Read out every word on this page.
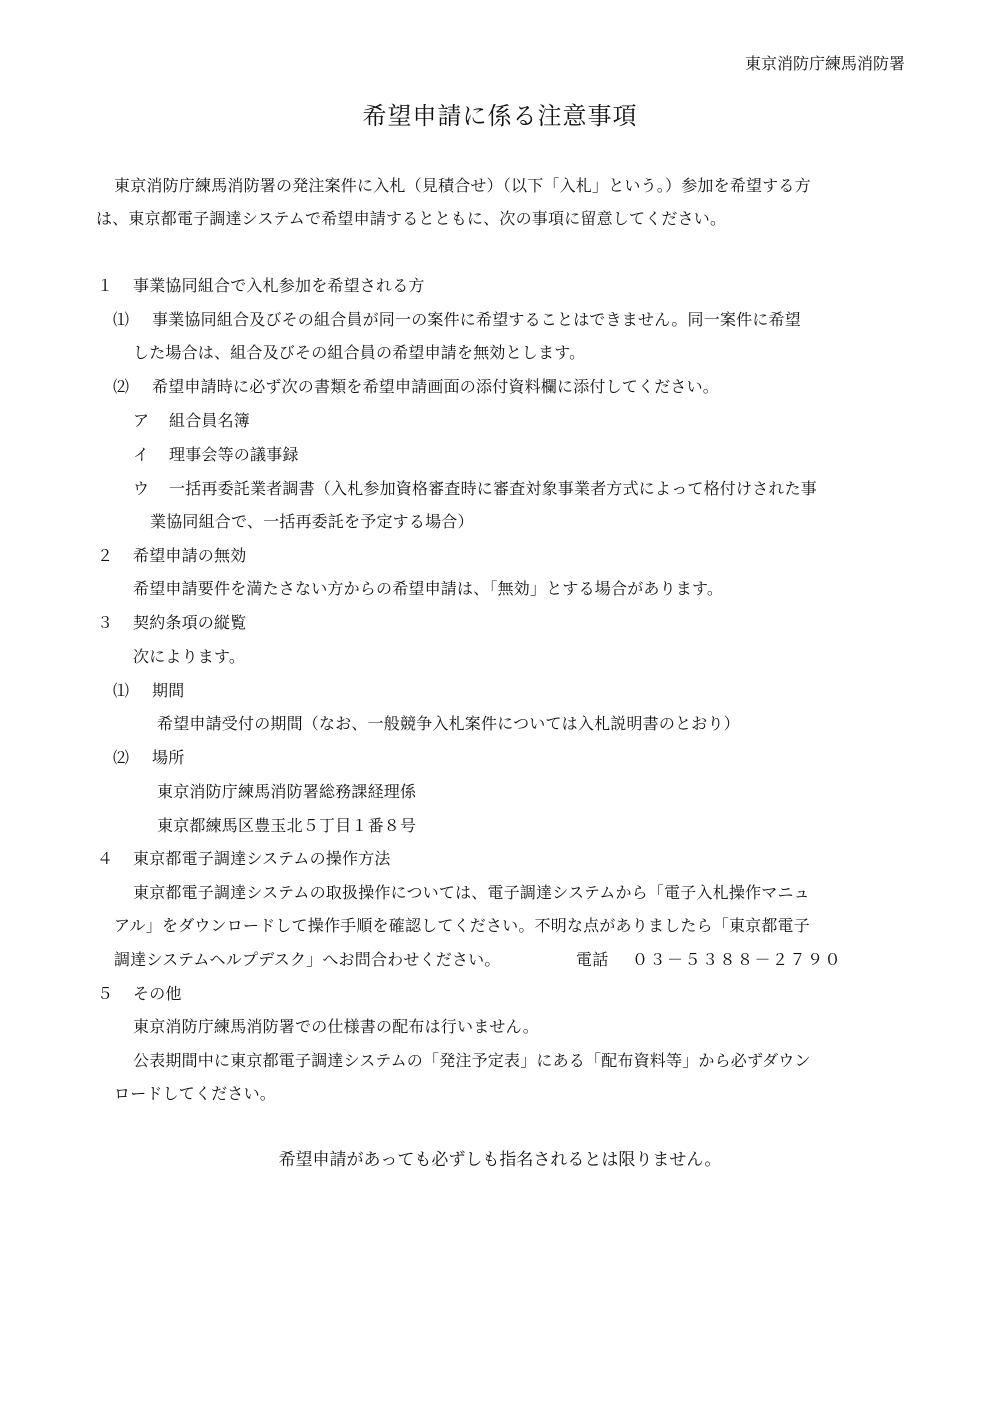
東京消防庁練馬消防署
希望申請に係る注意事項
東京消防庁練馬消防署の発注案件に入札（見積合せ）（以下「入札」という。）参加を希望する方
は、東京都電子調達システムで希望申請するとともに、次の事項に留意してください。
１ 事業協同組合で入札参加を希望される方
⑴ 事業協同組合及びその組合員が同一の案件に希望することはできません。同一案件に希望
した場合は、組合及びその組合員の希望申請を無効とします。
⑵ 希望申請時に必ず次の書類を希望申請画面の添付資料欄に添付してください。
ア 組合員名簿
イ 理事会等の議事録
ウ 一括再委託業者調書（入札参加資格審査時に審査対象事業者方式によって格付けされた事
業協同組合で、一括再委託を予定する場合）
２ 希望申請の無効
希望申請要件を満たさない方からの希望申請は、「無効」とする場合があります。
３ 契約条項の縦覧
次によります。
⑴ 期間
希望申請受付の期間（なお、一般競争入札案件については入札説明書のとおり）
⑵ 場所
東京消防庁練馬消防署総務課経理係
東京都練馬区豊玉北５丁目１番８号
４ 東京都電子調達システムの操作方法
東京都電子調達システムの取扱操作については、電子調達システムから「電子入札操作マニュ
アル」をダウンロードして操作手順を確認してください。不明な点がありましたら「東京都電子
調達システムヘルプデスク」へお問合わせください。	電話 ０３－５３８８－２７９０
５ その他
東京消防庁練馬消防署での仕様書の配布は行いません。
公表期間中に東京都電子調達システムの「発注予定表」にある「配布資料等」から必ずダウン
ロードしてください。
希望申請があっても必ずしも指名されるとは限りません。
